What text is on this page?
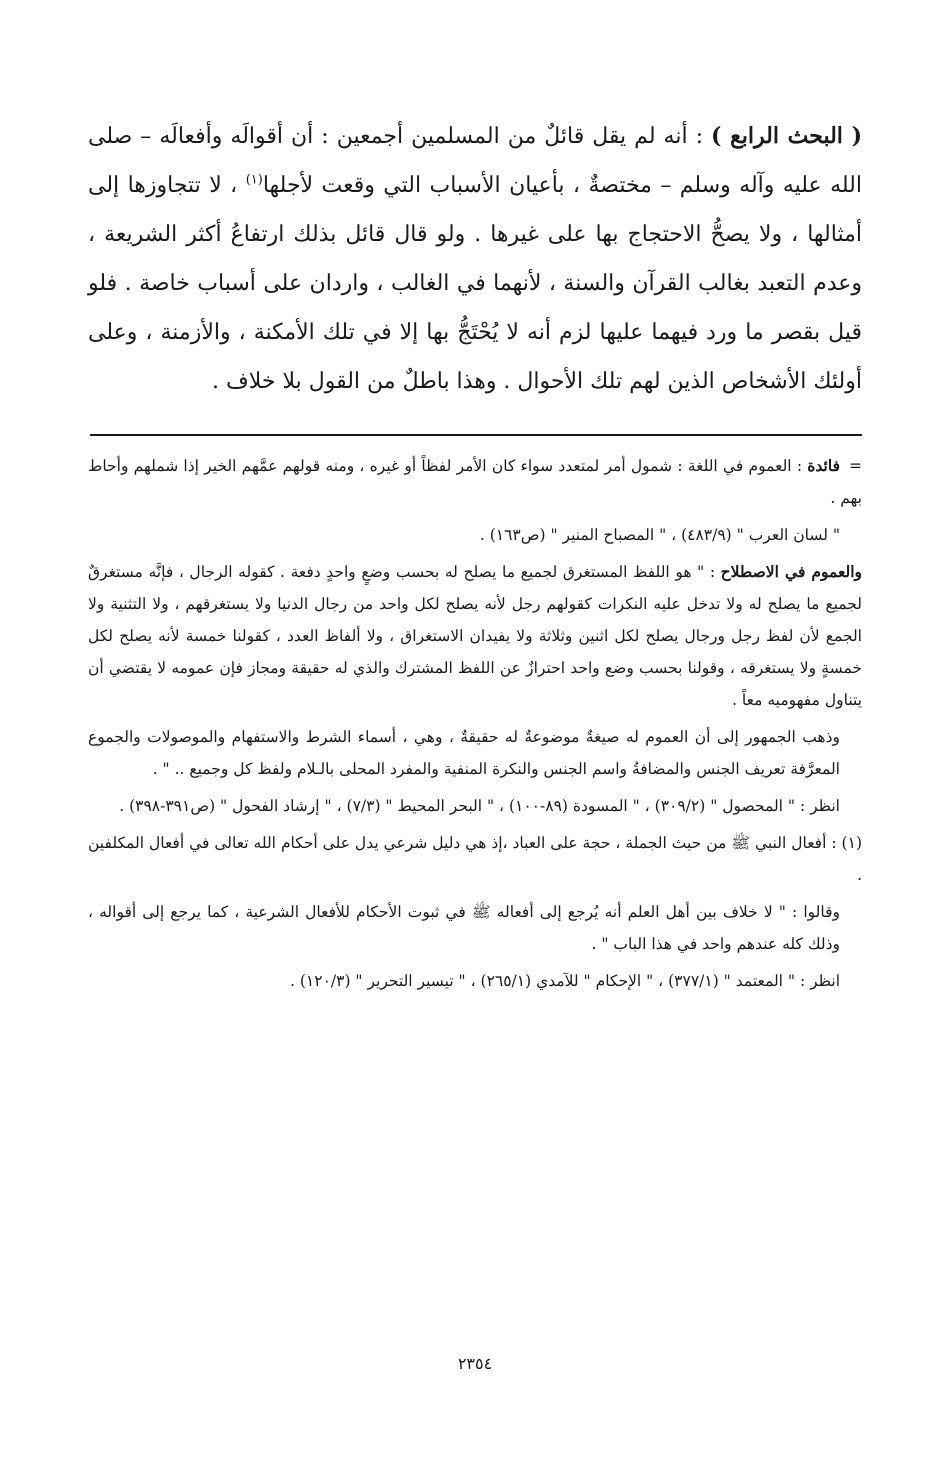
( البحث الرابع ) : أنه لم يقل قائلٌ من المسلمين أجمعين : أن أقوالَه وأفعالَه – صلى الله عليه وآله وسلم – مختصةٌ ، بأعيان الأسباب التي وقعت لأجلها$^{(١)}$ ، لا تتجاوزها إلى أمثالها ، ولا يصحُّ الاحتجاج بها على غيرها . ولو قال قائل بذلك ارتفاعُ أكثر الشريعة ، وعدم التعبد بغالب القرآن والسنة ، لأنهما في الغالب ، واردان على أسباب خاصة . فلو قيل بقصر ما ورد فيهما عليها لزم أنه لا يُحْتَجُّ بها إلا في تلك الأمكنة ، والأزمنة ، وعلى أولئك الأشخاص الذين لهم تلك الأحوال . وهذا باطلٌ من القول بلا خلاف .

=فائدة : العموم في اللغة : شمول أمر لمتعدد سواء كان الأمر لفظاً أو غيره ، ومنه قولهم عمَّهم الخير إذا شملهم وأحاط بهم .

" لسان العرب " (٤٨٣/٩) ، " المصباح المنير " (ص١٦٣) .

والعموم في الاصطلاح : " هو اللفظ المستغرق لجميع ما يصلح له بحسب وضعٍ واحدٍ دفعة . كقوله الرجال ، فإنَّه مستغرقٌ لجميع ما يصلح له ولا تدخل عليه النكرات كقولهم رجل لأنه يصلح لكل واحد من رجال الدنيا ولا يستغرقهم ، ولا التثنية ولا الجمع لأن لفظ رجل ورجال يصلح لكل اثنين وثلاثة ولا يفيدان الاستغراق ، ولا ألفاظ العدد ، كقولنا خمسة لأنه يصلح لكل خمسةٍ ولا يستغرقه ، وقولنا بحسب وضع واحد احترازٌ عن اللفظ المشترك والذي له حقيقة ومجاز فإن عمومه لا يقتضي أن يتناول مفهوميه معاً .

وذهب الجمهور إلى أن العموم له صيغةٌ موضوعةٌ له حقيقةٌ ، وهي ، أسماء الشرط والاستفهام والموصولات والجموع المعرَّفة تعريف الجنس والمضافةُ واسم الجنس والنكرة المنفية والمفرد المحلى بالـلام ولفظ كل وجميع .. " .

انظر : " المحصول " (٣٠٩/٢) ، " المسودة (٨٩-١٠٠) ، " البحر المحيط " (٧/٣) ، " إرشاد الفحول " (ص٣٩١-٣٩٨) .

(١) : أفعال النبي ﷺ من حيث الجملة ، حجة على العباد ،إذ هي دليل شرعي يدل على أحكام الله تعالى في أفعال المكلفين .

وقالوا : " لا خلاف بين أهل العلم أنه يُرجع إلى أفعاله ﷺ في ثبوت الأحكام للأفعال الشرعية ، كما يرجع إلى أقواله ، وذلك كله عندهم واحد في هذا الباب " .

انظر : " المعتمد " (٣٧٧/١) ، " الإحكام " للآمدي (٢٦٥/١) ، " تيسير التحرير " (١٢٠/٣) .

٢٣٥٤
